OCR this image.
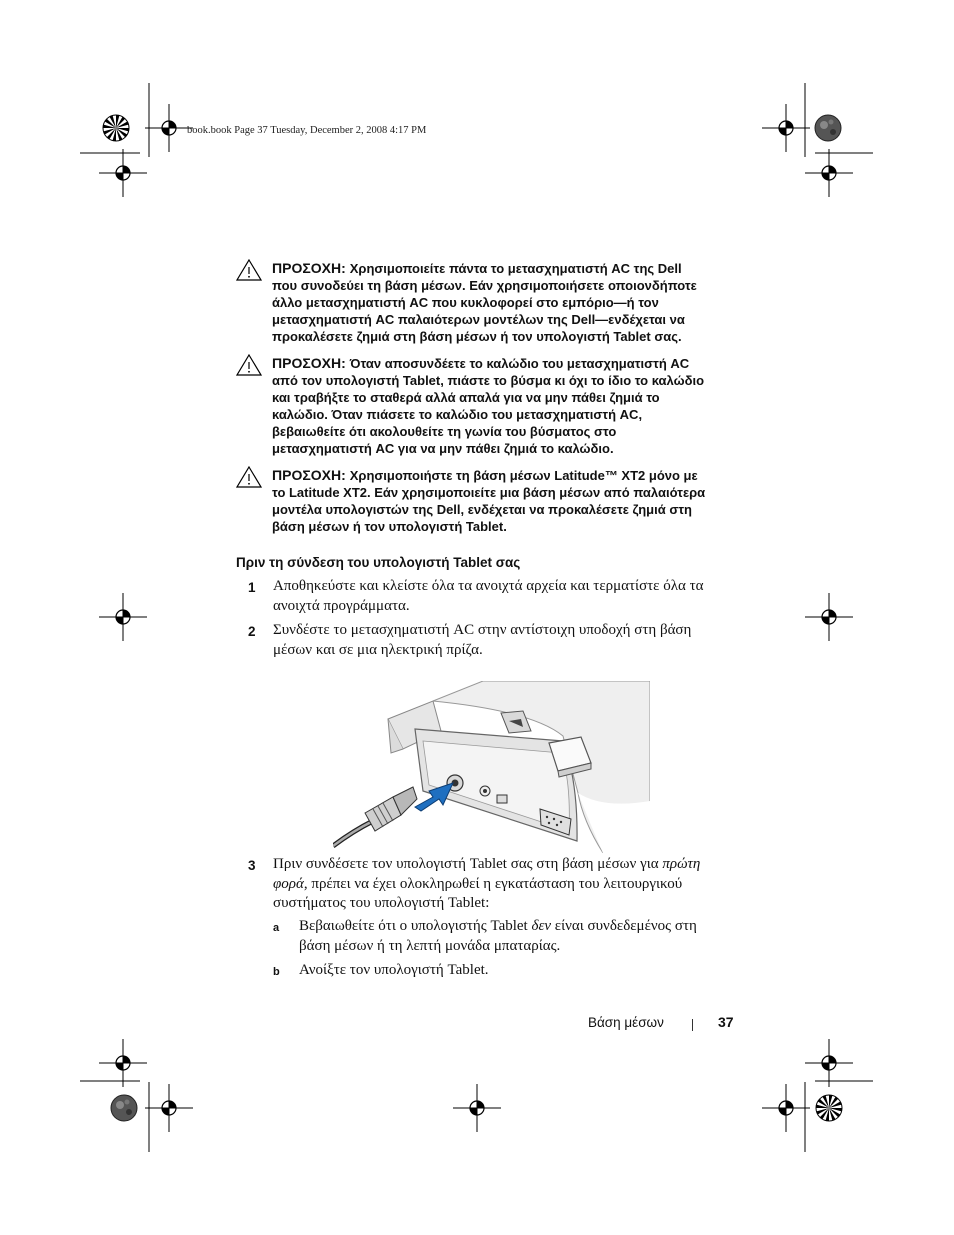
book.book Page 37 Tuesday, December 2, 2008 4:17 PM
ΠΡΟΣΟΧΗ: Χρησιμοποιείτε πάντα το μετασχηματιστή AC της Dell
που συνοδεύει τη βάση μέσων. Εάν χρησιμοποιήσετε οποιονδήποτε
άλλο μετασχηματιστή AC που κυκλοφορεί στο εμπόριο—ή τον
μετασχηματιστή AC παλαιότερων μοντέλων της Dell—ενδέχεται να
προκαλέσετε ζημιά στη βάση μέσων ή τον υπολογιστή Tablet σας.
ΠΡΟΣΟΧΗ: Όταν αποσυνδέετε το καλώδιο του μετασχηματιστή AC
από τον υπολογιστή Tablet, πιάστε το βύσμα κι όχι το ίδιο το καλώδιο
και τραβήξτε το σταθερά αλλά απαλά για να μην πάθει ζημιά το
καλώδιο. Όταν πιάσετε το καλώδιο του μετασχηματιστή AC,
βεβαιωθείτε ότι ακολουθείτε τη γωνία του βύσματος στο
μετασχηματιστή AC για να μην πάθει ζημιά το καλώδιο.
ΠΡΟΣΟΧΗ: Χρησιμοποιήστε τη βάση μέσων Latitude™ XT2 μόνο με
το Latitude XT2. Εάν χρησιμοποιείτε μια βάση μέσων από παλαιότερα
μοντέλα υπολογιστών της Dell, ενδέχεται να προκαλέσετε ζημιά στη
βάση μέσων ή τον υπολογιστή Tablet.
Πριν τη σύνδεση του υπολογιστή Tablet σας
1 Αποθηκεύστε και κλείστε όλα τα ανοιχτά αρχεία και τερματίστε όλα τα
ανοιχτά προγράμματα.
2 Συνδέστε το μετασχηματιστή AC στην αντίστοιχη υποδοχή στη βάση
μέσων και σε μια ηλεκτρική πρίζα.
3 Πριν συνδέσετε τον υπολογιστή Tablet σας στη βάση μέσων για πρώτη
φορά, πρέπει να έχει ολοκληρωθεί η εγκατάσταση του λειτουργικού
συστήματος του υπολογιστή Tablet:
a Βεβαιωθείτε ότι ο υπολογιστής Tablet δεν είναι συνδεδεμένος στη
βάση μέσων ή τη λεπτή μονάδα μπαταρίας.
b Ανοίξτε τον υπολογιστή Tablet.
Βάση μέσων	37
